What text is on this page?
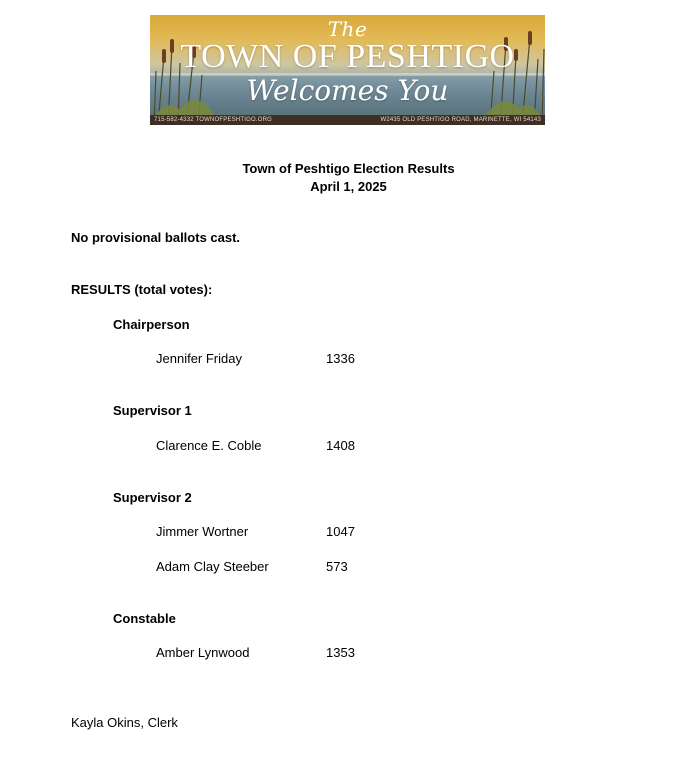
The
TOWN OF PESHTIGO
Welcomes You
715-582-4332 TOWNOFPESHTIGO.ORG	W2435 OLD PESHTIGO ROAD, MARINETTE, WI 54143
Town of Peshtigo Election Results
April 1, 2025
No provisional ballots cast.
RESULTS (total votes):
Chairperson
Jennifer Friday	1336
Supervisor 1
Clarence E. Coble	1408
Supervisor 2
Jimmer Wortner	1047
Adam Clay Steeber	573
Constable
Amber Lynwood	1353
Kayla Okins, Clerk
